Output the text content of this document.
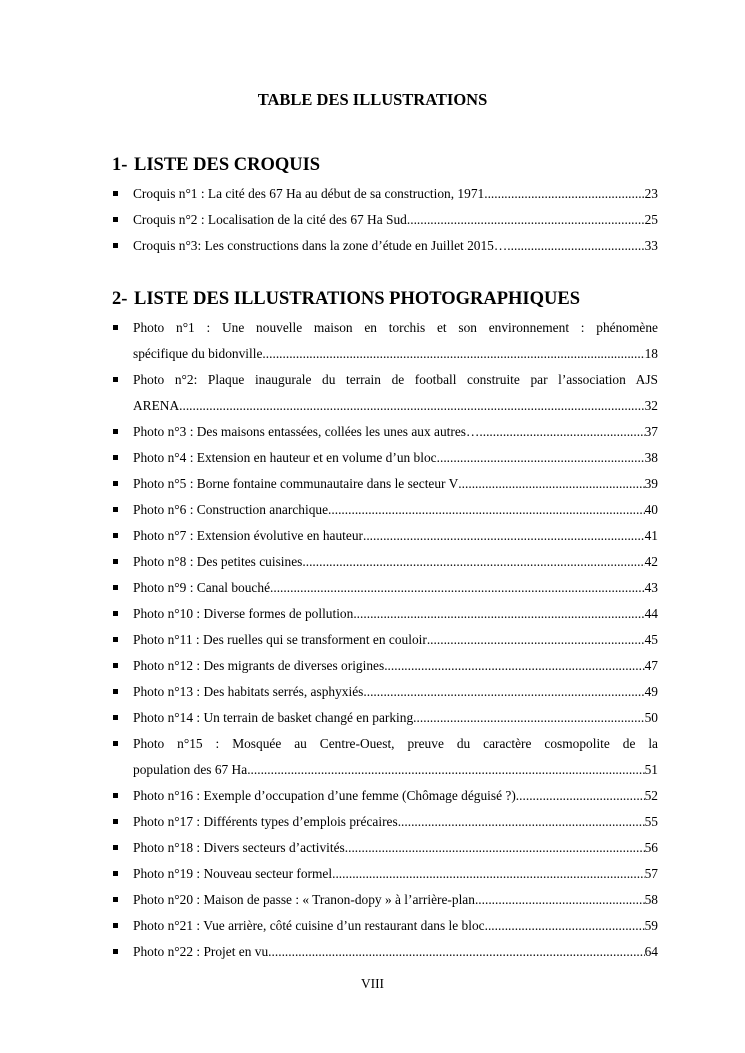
TABLE DES ILLUSTRATIONS
1- LISTE DES CROQUIS
2- LISTE DES ILLUSTRATIONS PHOTOGRAPHIQUES
Croquis n°1 : La cité des 67 Ha au début de sa construction, 1971 .....	23
Croquis n°2 : Localisation de la cité des 67 Ha Sud .....	25
Croquis n°3: Les constructions dans la zone d’étude en Juillet 2015… .....	33
Photo n°1 : Une nouvelle maison en torchis et son environnement : phénomène
spécifique du bidonville .....	18
Photo n°2: Plaque inaugurale du terrain de football construite par l’association AJS
ARENA .....	32
Photo n°3 : Des maisons entassées, collées les unes aux autres… .....	37
Photo n°4 : Extension en hauteur et en volume d’un bloc .....	38
Photo n°5 : Borne fontaine communautaire dans le secteur V .....	39
Photo n°6 : Construction anarchique .....	40
Photo n°7 : Extension évolutive en hauteur .....	41
Photo n°8 : Des petites cuisines .....	42
Photo n°9 : Canal bouché .....	43
Photo n°10 : Diverse formes de pollution .....	44
Photo n°11 : Des ruelles qui se transforment en couloir .....	45
Photo n°12 : Des migrants de diverses origines .....	47
Photo n°13 : Des habitats serrés, asphyxiés .....	49
Photo n°14 : Un terrain de basket changé en parking .....	50
Photo n°15 : Mosquée au Centre-Ouest, preuve du caractère cosmopolite de la
population des 67 Ha .....	51
Photo n°16 : Exemple d’occupation d’une femme (Chômage déguisé ?) .....	52
Photo n°17 : Différents types d’emplois précaires .....	55
Photo n°18 : Divers secteurs d’activités .....	56
Photo n°19 : Nouveau secteur formel .....	57
Photo n°20 : Maison de passe : « Tranon-dopy » à l’arrière-plan .....	58
Photo n°21 : Vue arrière, côté cuisine d’un restaurant dans le bloc .....	59
Photo n°22 : Projet en vu .....	64
VIII
